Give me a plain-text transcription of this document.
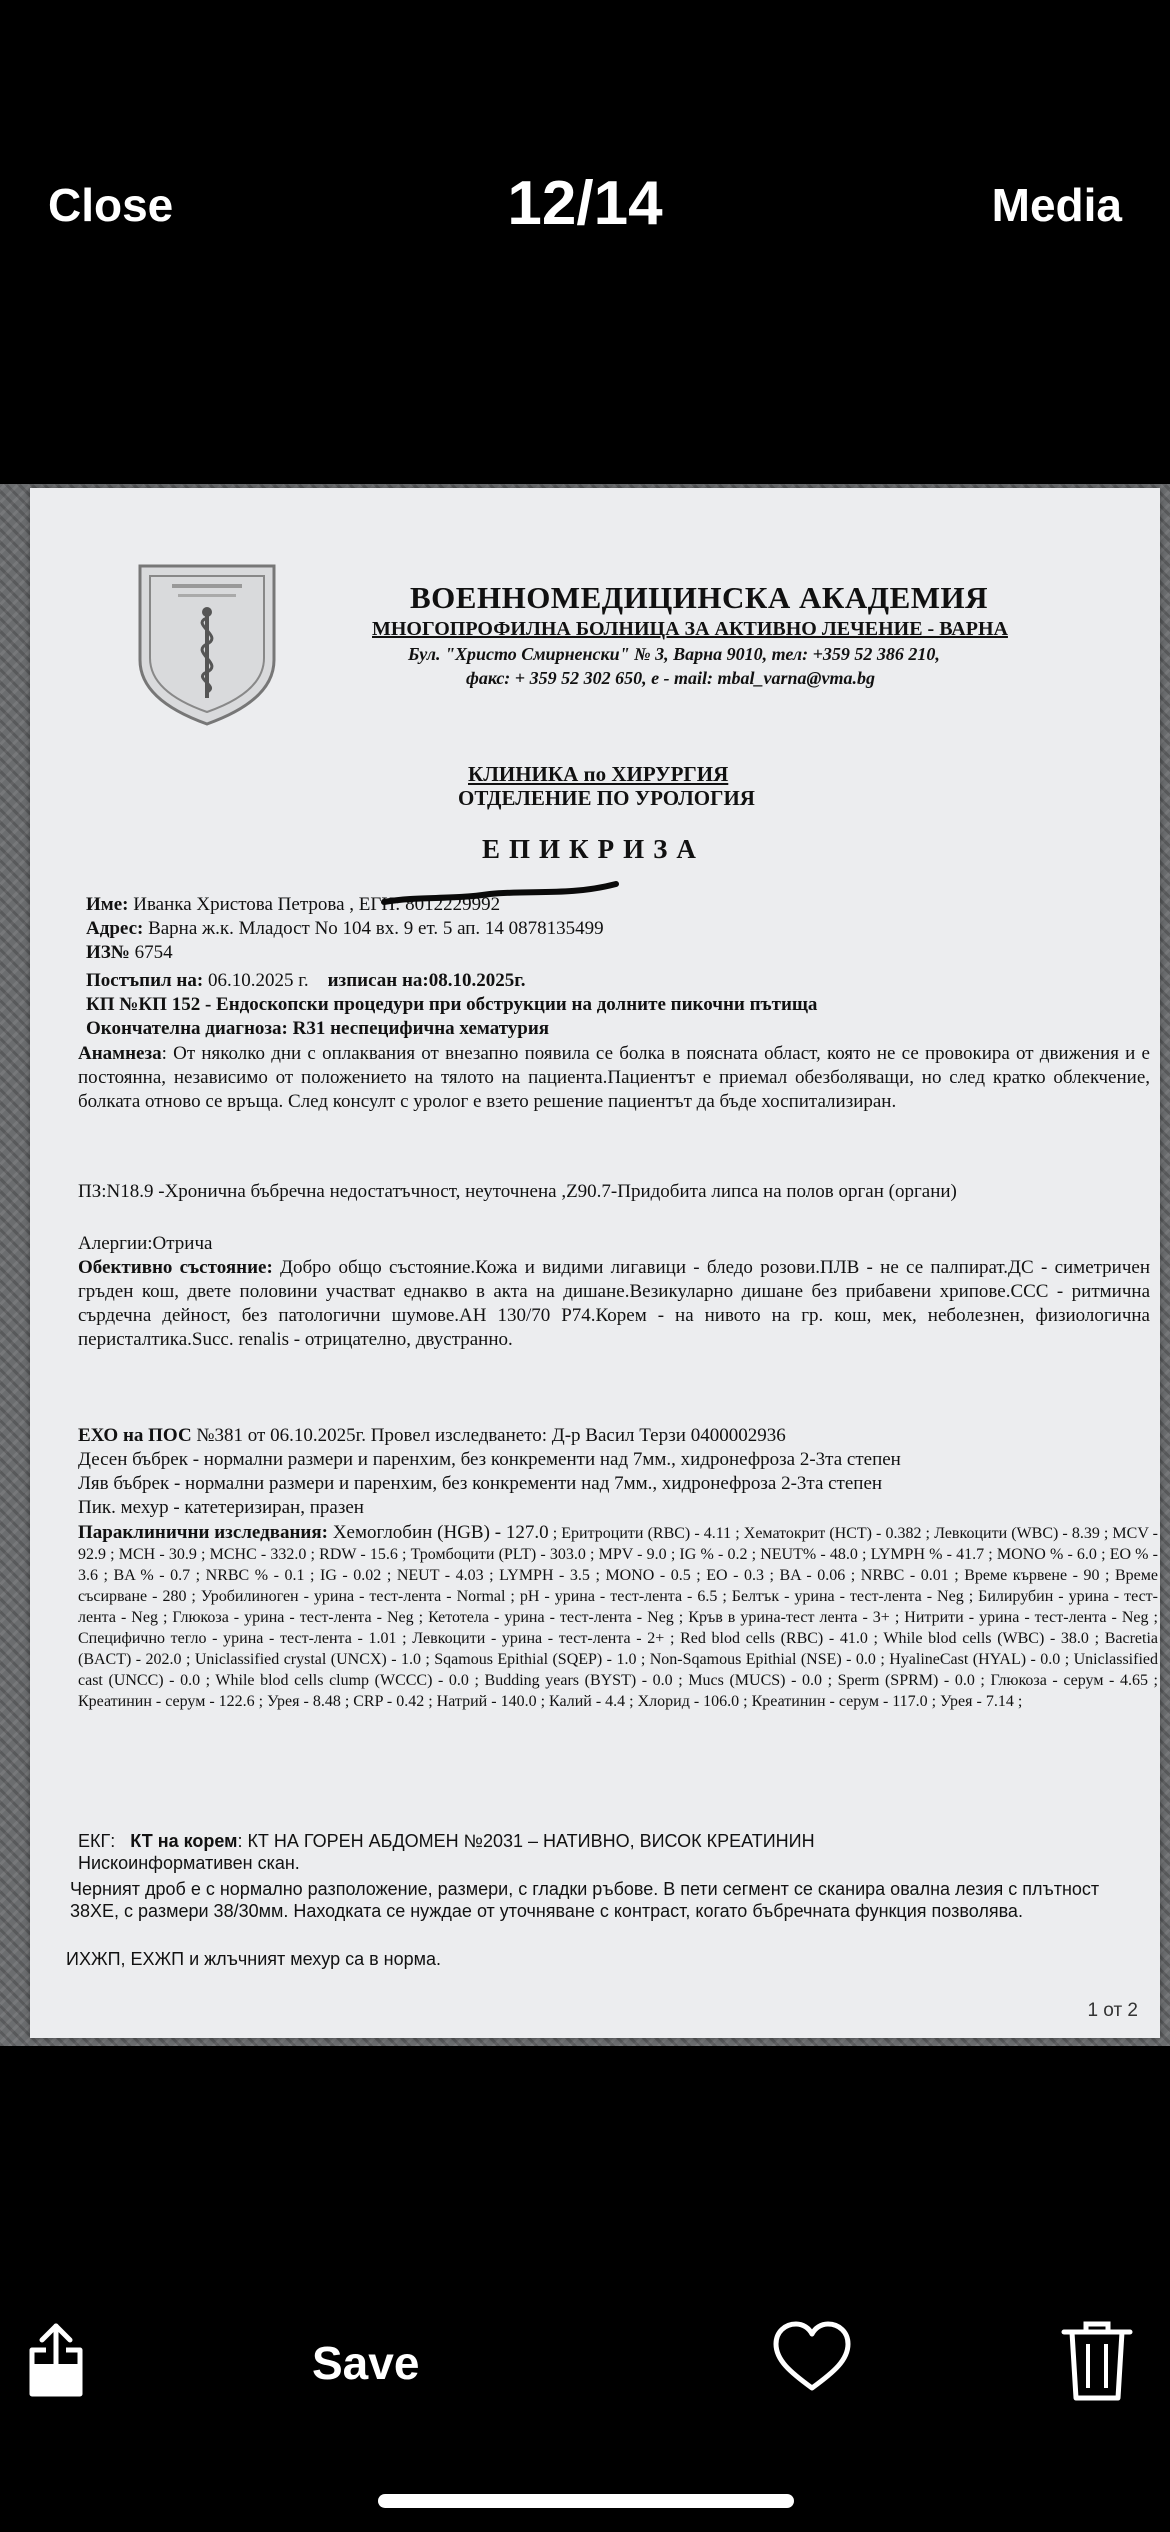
Close	12/14	Media
ВОЕННОМЕДИЦИНСКА АКАДЕМИЯ
МНОГОПРОФИЛНА БОЛНИЦА ЗА АКТИВНО ЛЕЧЕНИЕ - ВАРНА
Бул. "Христо Смирненски" № 3, Варна 9010, тел: +359 52 386 210,
факс: + 359 52 302 650, e - mail: mbal_varna@vma.bg
КЛИНИКА по ХИРУРГИЯ
ОТДЕЛЕНИЕ ПО УРОЛОГИЯ
ЕПИКРИЗА
Име: Иванка Христова Петрова , ЕГН: 8012229992
Адрес: Варна ж.к. Младост No 104 вх. 9 ет. 5 ап. 14 0878135499
ИЗ№ 6754
Постъпил на: 06.10.2025 г. изписан на:08.10.2025г.
КП №КП 152 - Ендоскопски процедури при обструкции на долните пикочни пътища
Окончателна диагноза: R31 неспецифична хематурия
Анамнеза: От няколко дни с оплаквания от внезапно появила се болка в поясната област, която не се провокира от движения и е постоянна, независимо от положението на тялото на пациента.Пациентът е приемал обезболяващи, но след кратко облекчение, болката отново се връща. След консулт с уролог е взето решение пациентът да бъде хоспитализиран.
ПЗ:N18.9 -Хронична бъбречна недостатъчност, неуточнена ,Z90.7-Придобита липса на полов орган (органи)
Алергии:Отрича
Обективно състояние: Добро общо състояние.Кожа и видими лигавици - бледо розови.ПЛВ - не се палпират.ДС - симетричен гръден кош, двете половини участват еднакво в акта на дишане.Везикуларно дишане без прибавени хрипове.ССС - ритмична сърдечна дейност, без патологични шумове.АН 130/70 Р74.Корем - на нивото на гр. кош, мек, неболезнен, физиологична перисталтика.Succ. renalis - отрицателно, двустранно.
ЕХО на ПОС №381 от 06.10.2025г. Провел изследването: Д-р Васил Терзи 0400002936
Десен бъбрек - нормални размери и паренхим, без конкременти над 7мм., хидронефроза 2-3та степен
Ляв бъбрек - нормални размери и паренхим, без конкременти над 7мм., хидронефроза 2-3та степен
Пик. мехур - катетеризиран, празен
Параклинични изследвания: Хемоглобин (HGB) - 127.0 ; Еритроцити (RBC) - 4.11 ; Хематокрит (HCT) - 0.382 ; Левкоцити (WBC) - 8.39 ; MCV - 92.9 ; MCH - 30.9 ; MCHC - 332.0 ; RDW - 15.6 ; Тромбоцити (PLT) - 303.0 ; MPV - 9.0 ; IG % - 0.2 ; NEUT% - 48.0 ; LYMPH % - 41.7 ; MONO % - 6.0 ; EO % - 3.6 ; BA % - 0.7 ; NRBC % - 0.1 ; IG - 0.02 ; NEUT - 4.03 ; LYMPH - 3.5 ; MONO - 0.5 ; EO - 0.3 ; BA - 0.06 ; NRBC - 0.01 ; Време кървене - 90 ; Време съсирване - 280 ; Уробилиноген - урина - тест-лента - Normal ; pH - урина - тест-лента - 6.5 ; Белтък - урина - тест-лента - Neg ; Билирубин - урина - тест-лента - Neg ; Глюкоза - урина - тест-лента - Neg ; Кетотела - урина - тест-лента - Neg ; Кръв в урина-тест лента - 3+ ; Нитрити - урина - тест-лента - Neg ; Специфично тегло - урина - тест-лента - 1.01 ; Левкоцити - урина - тест-лента - 2+ ; Red blod cells (RBC) - 41.0 ; While blod cells (WBC) - 38.0 ; Bacretia (BACT) - 202.0 ; Uniclassified crystal (UNCX) - 1.0 ; Sqamous Epithial (SQEP) - 1.0 ; Non-Sqamous Epithial (NSE) - 0.0 ; HyalineCast (HYAL) - 0.0 ; Uniclassified cast (UNCC) - 0.0 ; While blod cells clump (WCCC) - 0.0 ; Budding years (BYST) - 0.0 ; Mucs (MUCS) - 0.0 ; Sperm (SPRM) - 0.0 ; Глюкоза - серум - 4.65 ; Креатинин - серум - 122.6 ; Урея - 8.48 ; CRP - 0.42 ; Натрий - 140.0 ; Калий - 4.4 ; Хлорид - 106.0 ; Креатинин - серум - 117.0 ; Урея - 7.14 ;
ЕКГ: КТ на корем: КТ НА ГОРЕН АБДОМЕН №2031 – НАТИВНО, ВИСОК КРЕАТИНИН
Нискоинформативен скан.
Черният дроб е с нормално разположение, размери, с гладки ръбове. В пети сегмент се сканира овална лезия с плътност 38ХЕ, с размери 38/30мм. Находката се нуждае от уточняване с контраст, когато бъбречната функция позволява.
ИХЖП, ЕХЖП и жлъчният мехур са в норма.
1 от 2
Save
